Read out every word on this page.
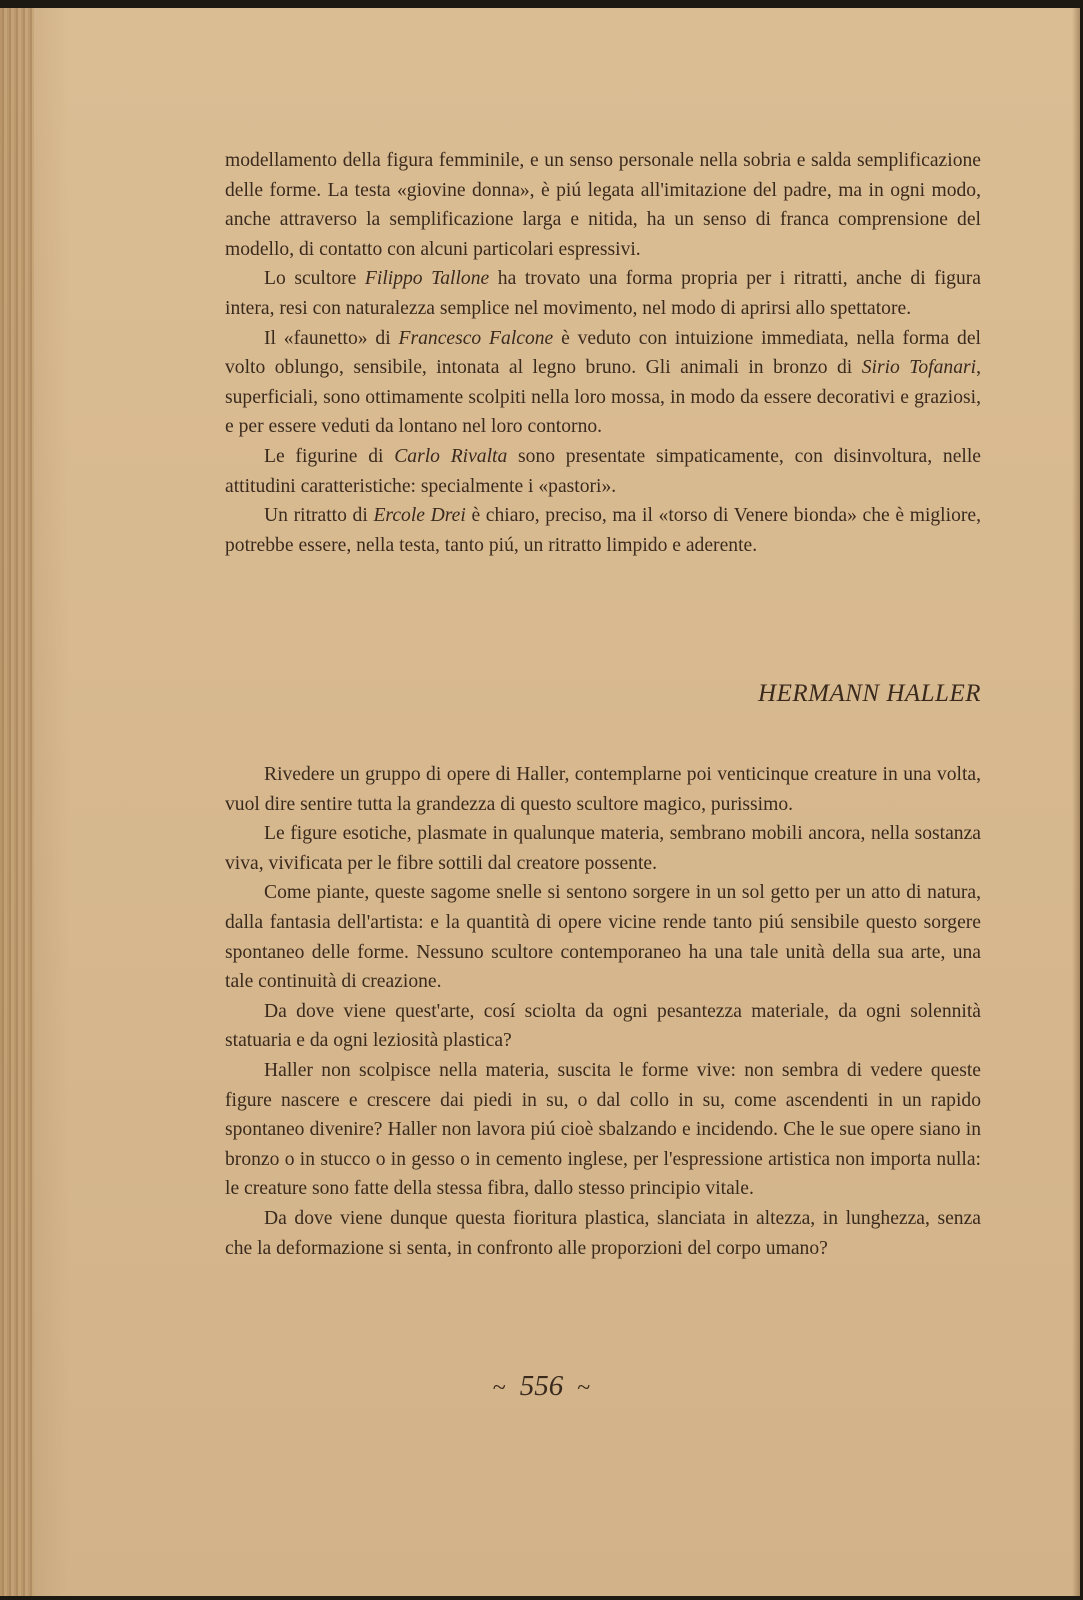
modellamento della figura femminile, e un senso personale nella sobria e salda semplificazione delle forme. La testa «giovine donna», è piú legata all'imitazione del padre, ma in ogni modo, anche attraverso la semplificazione larga e nitida, ha un senso di franca comprensione del modello, di contatto con alcuni particolari espressivi.

Lo scultore Filippo Tallone ha trovato una forma propria per i ritratti, anche di figura intera, resi con naturalezza semplice nel movimento, nel modo di aprirsi allo spettatore.

Il «faunetto» di Francesco Falcone è veduto con intuizione immediata, nella forma del volto oblungo, sensibile, intonata al legno bruno. Gli animali in bronzo di Sirio Tofanari, superficiali, sono ottimamente scolpiti nella loro mossa, in modo da essere decorativi e graziosi, e per essere veduti da lontano nel loro contorno.

Le figurine di Carlo Rivalta sono presentate simpaticamente, con disinvoltura, nelle attitudini caratteristiche: specialmente i «pastori».

Un ritratto di Ercole Drei è chiaro, preciso, ma il «torso di Venere bionda» che è migliore, potrebbe essere, nella testa, tanto piú, un ritratto limpido e aderente.

HERMANN HALLER

Rivedere un gruppo di opere di Haller, contemplarne poi venticinque creature in una volta, vuol dire sentire tutta la grandezza di questo scultore magico, purissimo.

Le figure esotiche, plasmate in qualunque materia, sembrano mobili ancora, nella sostanza viva, vivificata per le fibre sottili dal creatore possente.

Come piante, queste sagome snelle si sentono sorgere in un sol getto per un atto di natura, dalla fantasia dell'artista: e la quantità di opere vicine rende tanto piú sensibile questo sorgere spontaneo delle forme. Nessuno scultore contemporaneo ha una tale unità della sua arte, una tale continuità di creazione.

Da dove viene quest'arte, cosí sciolta da ogni pesantezza materiale, da ogni solennità statuaria e da ogni leziosità plastica?

Haller non scolpisce nella materia, suscita le forme vive: non sembra di vedere queste figure nascere e crescere dai piedi in su, o dal collo in su, come ascendenti in un rapido spontaneo divenire? Haller non lavora piú cioè sbalzando e incidendo. Che le sue opere siano in bronzo o in stucco o in gesso o in cemento inglese, per l'espressione artistica non importa nulla: le creature sono fatte della stessa fibra, dallo stesso principio vitale.

Da dove viene dunque questa fioritura plastica, slanciata in altezza, in lunghezza, senza che la deformazione si senta, in confronto alle proporzioni del corpo umano?

~ 556 ~
